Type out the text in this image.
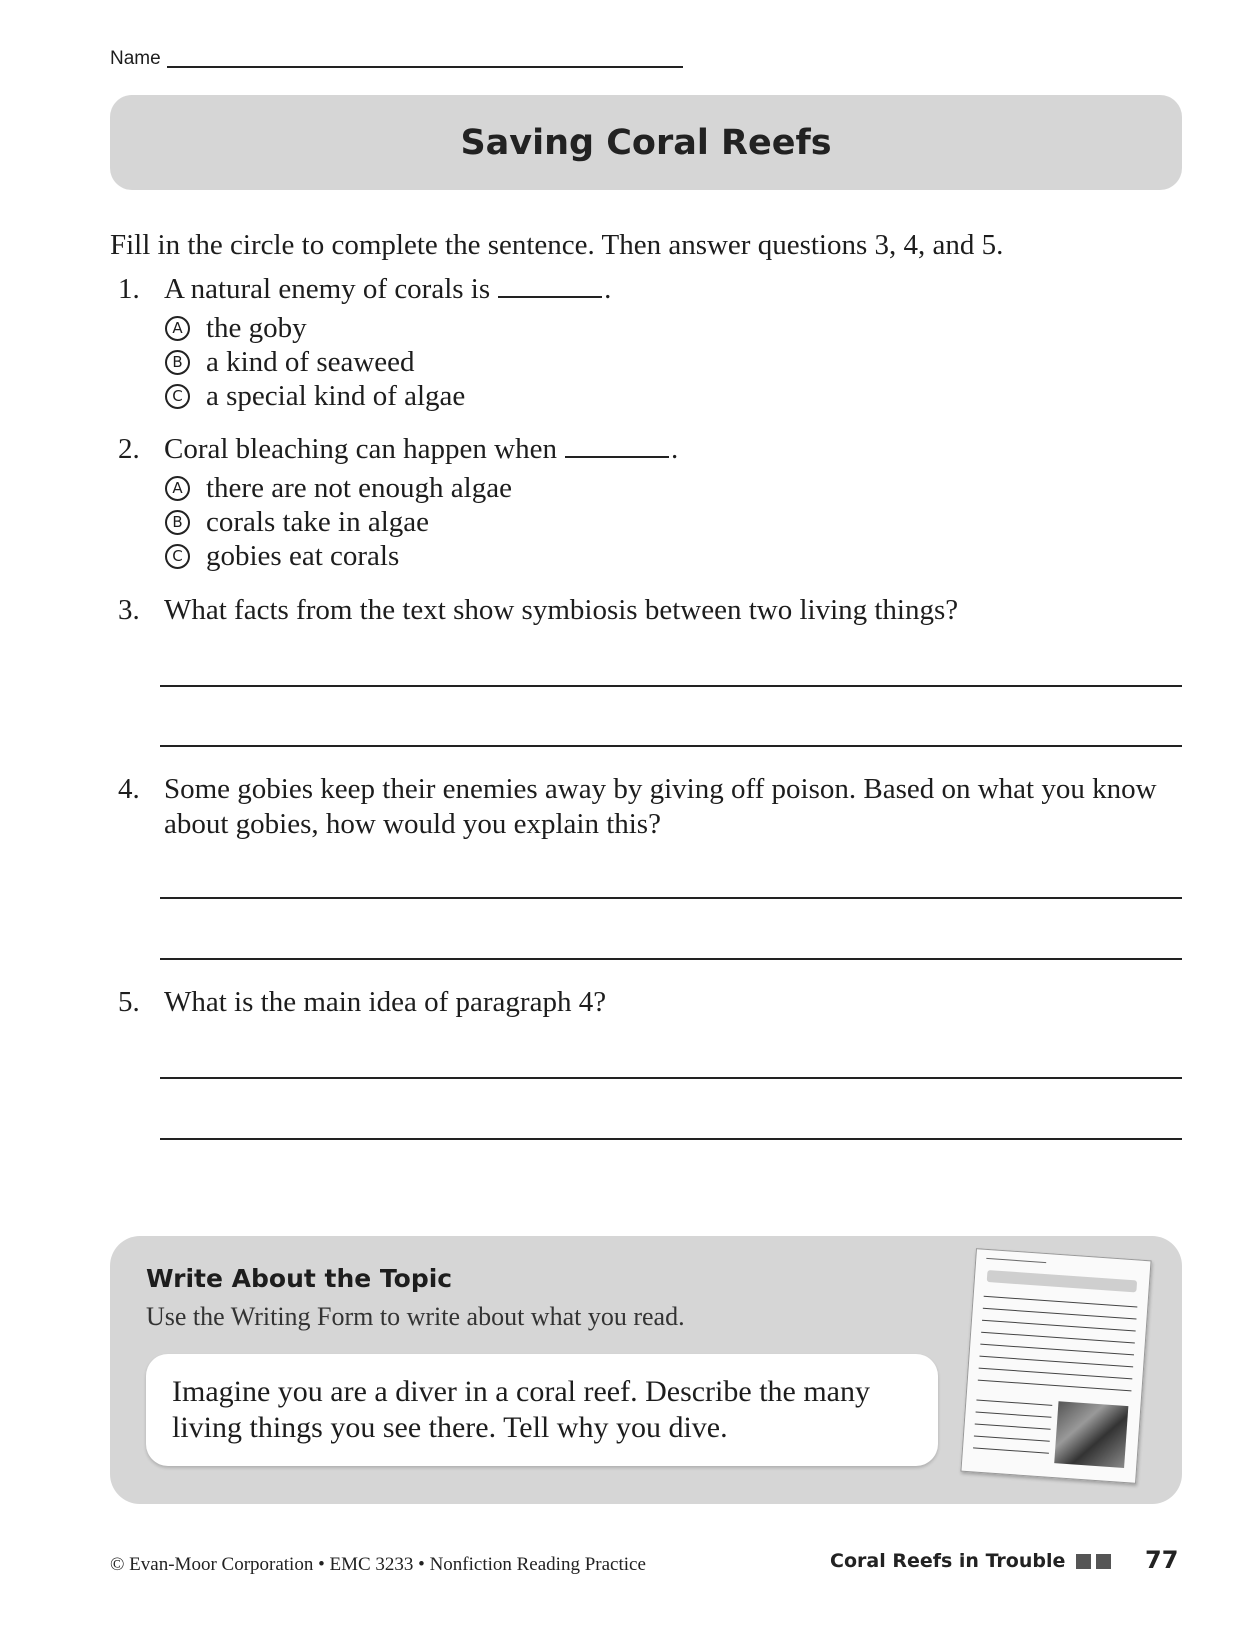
Name
Saving Coral Reefs

Fill in the circle to complete the sentence. Then answer questions 3, 4, and 5.

1. A natural enemy of corals is	.
A the goby
B a kind of seaweed
C a special kind of algae
2. Coral bleaching can happen when	.
A there are not enough algae
B corals take in algae
C gobies eat corals
3. What facts from the text show symbiosis between two living things?
4. Some gobies keep their enemies away by giving off poison. Based on what you know about gobies, how would you explain this?
5. What is the main idea of paragraph 4?
Write About the Topic

Use the Writing Form to write about what you read.

Imagine you are a diver in a coral reef. Describe the many living things you see there. Tell why you dive.
© Evan-Moor Corporation • EMC 3233 • Nonfiction Reading Practice	Coral Reefs in Trouble	77
